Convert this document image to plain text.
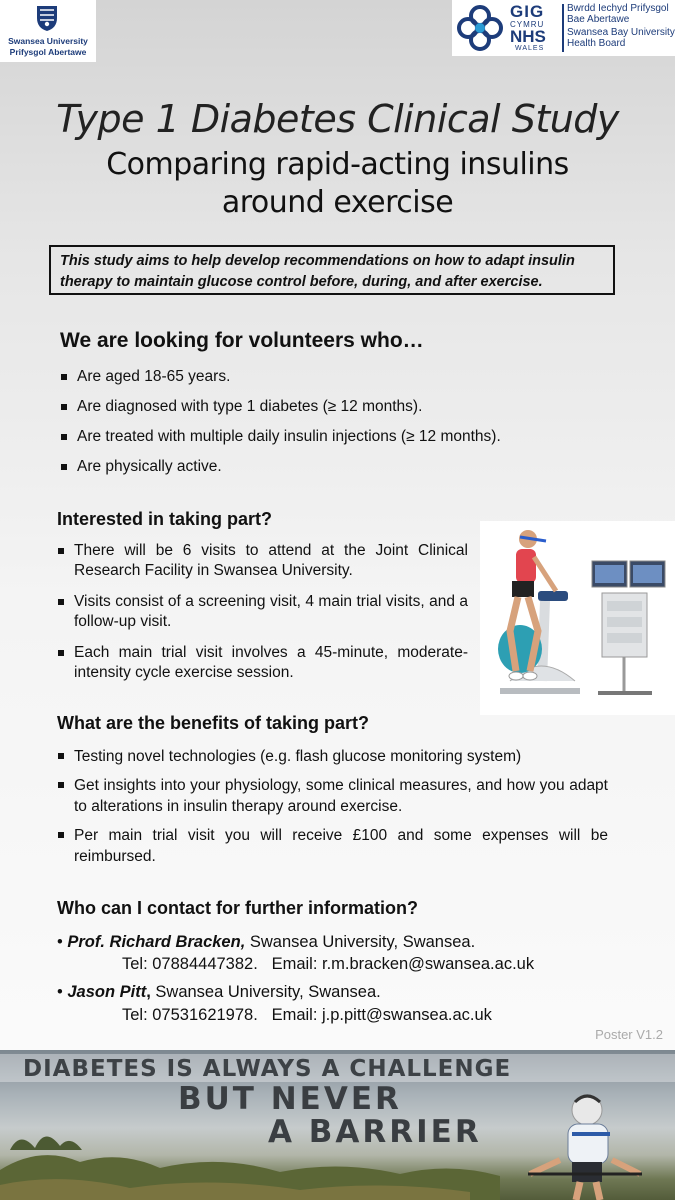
Swansea University
Prifysgol Abertawe
GIG
CYMRU
NHS
WALES
Bwrdd Iechyd Prifysgol Bae Abertawe
Swansea Bay University Health Board
Type 1 Diabetes Clinical Study
Comparing rapid-acting insulins around exercise
This study aims to help develop recommendations on how to adapt insulin therapy to maintain glucose control before, during, and after exercise.
We are looking for volunteers who…
Are aged 18-65 years.
Are diagnosed with type 1 diabetes (≥ 12 months).
Are treated with multiple daily insulin injections (≥ 12 months).
Are physically active.
Interested in taking part?
There will be 6 visits to attend at the Joint Clinical Research Facility in Swansea University.
Visits consist of a screening visit, 4 main trial visits, and a follow-up visit.
Each main trial visit involves a 45-minute, moderate-intensity cycle exercise session.
What are the benefits of taking part?
Testing novel technologies (e.g. flash glucose monitoring system)
Get insights into your physiology, some clinical measures, and how you adapt to alterations in insulin therapy around exercise.
Per main trial visit you will receive £100 and some expenses will be reimbursed.
Who can I contact for further information?
• Prof. Richard Bracken, Swansea University, Swansea.
Tel: 07884447382. Email: r.m.bracken@swansea.ac.uk
• Jason Pitt, Swansea University, Swansea.
Tel: 07531621978. Email: j.p.pitt@swansea.ac.uk
Poster V1.2
DIABETES IS ALWAYS A CHALLENGE
BUT NEVER
A BARRIER
